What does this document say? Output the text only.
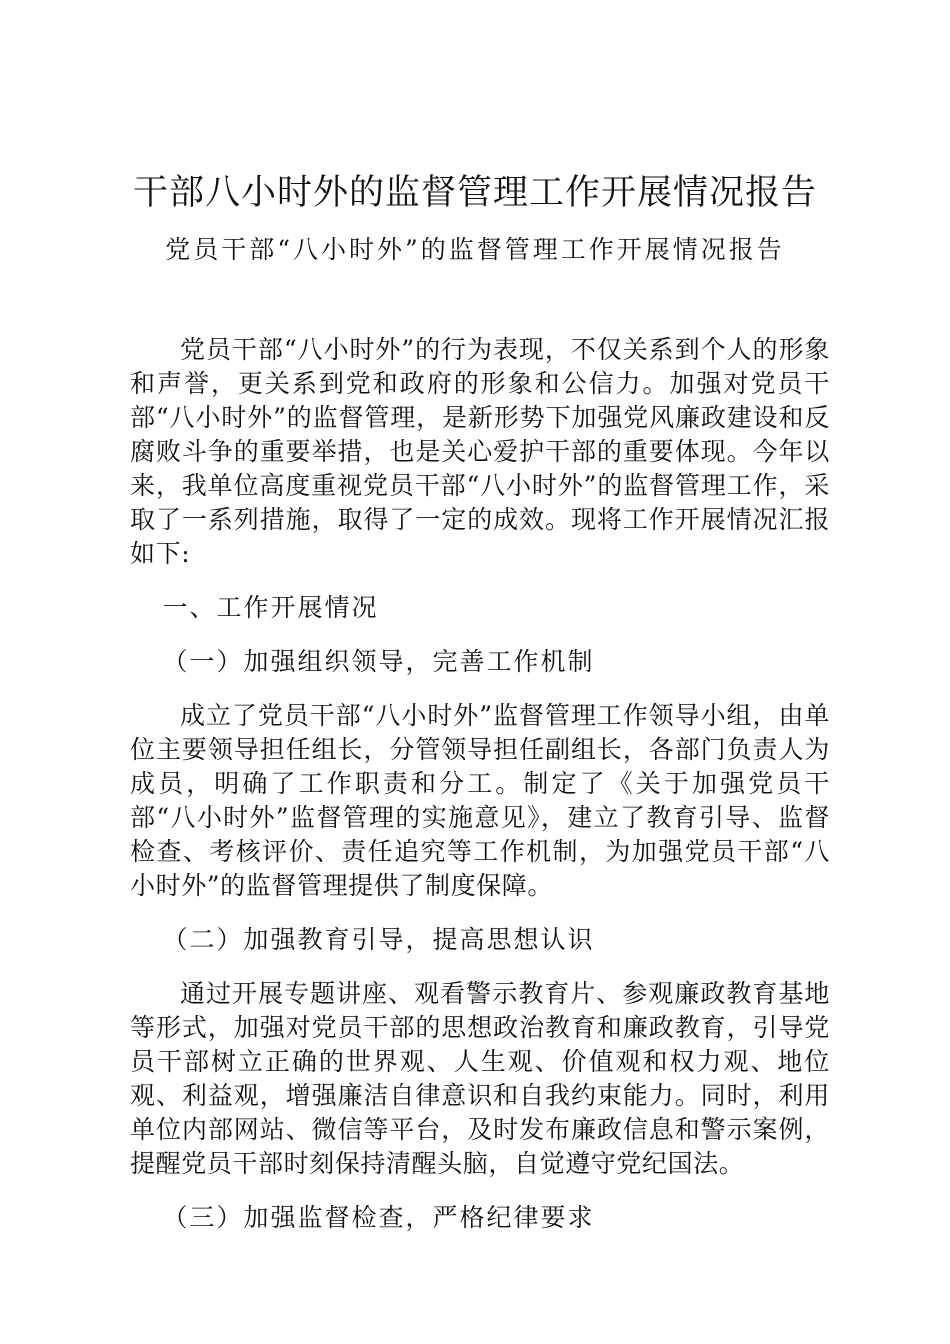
干部八小时外的监督管理工作开展情况报告
党员干部“八小时外”的监督管理工作开展情况报告

党员干部“八小时外”的行为表现，不仅关系到个人的形象和声誉，更关系到党和政府的形象和公信力。加强对党员干部“八小时外”的监督管理，是新形势下加强党风廉政建设和反腐败斗争的重要举措，也是关心爱护干部的重要体现。今年以来，我单位高度重视党员干部“八小时外”的监督管理工作，采取了一系列措施，取得了一定的成效。现将工作开展情况汇报如下:

一、工作开展情况

（一）加强组织领导，完善工作机制

成立了党员干部“八小时外”监督管理工作领导小组，由单位主要领导担任组长，分管领导担任副组长，各部门负责人为成员，明确了工作职责和分工。制定了《关于加强党员干部“八小时外”监督管理的实施意见》，建立了教育引导、监督检查、考核评价、责任追究等工作机制，为加强党员干部“八小时外”的监督管理提供了制度保障。

（二）加强教育引导，提高思想认识

通过开展专题讲座、观看警示教育片、参观廉政教育基地等形式，加强对党员干部的思想政治教育和廉政教育，引导党员干部树立正确的世界观、人生观、价值观和权力观、地位观、利益观，增强廉洁自律意识和自我约束能力。同时，利用单位内部网站、微信等平台，及时发布廉政信息和警示案例，提醒党员干部时刻保持清醒头脑，自觉遵守党纪国法。

（三）加强监督检查，严格纪律要求
